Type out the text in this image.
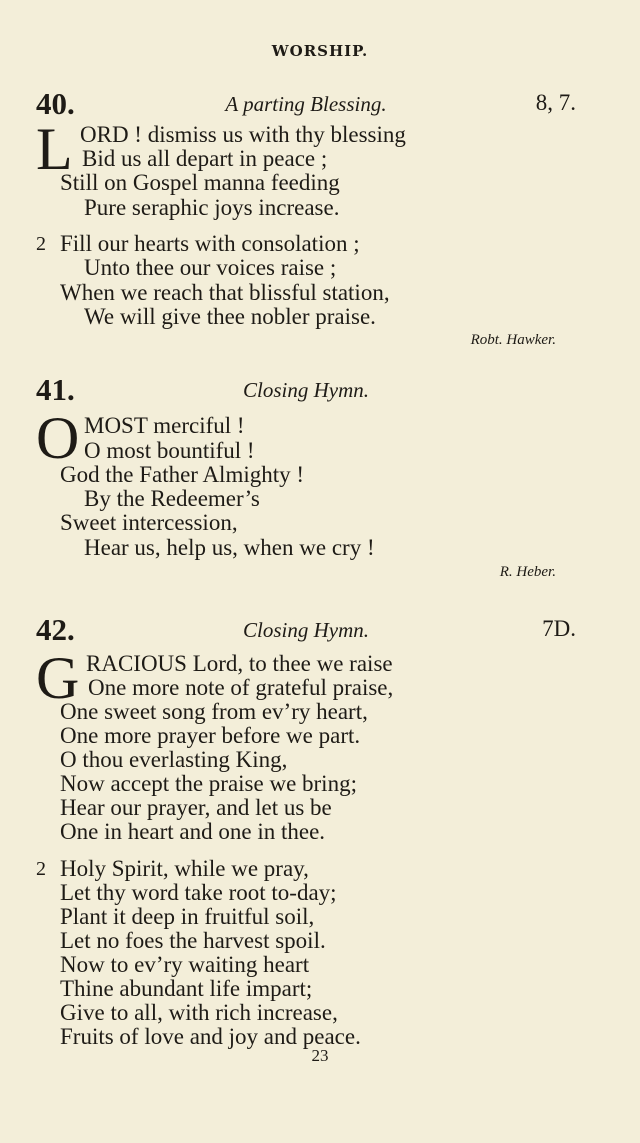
WORSHIP.
40.	A parting Blessing.	8, 7.
L ORD ! dismiss us with thy blessing
Bid us all depart in peace ;
Still on Gospel manna feeding
Pure seraphic joys increase.
2 Fill our hearts with consolation ;
Unto thee our voices raise ;
When we reach that blissful station,
We will give thee nobler praise.
Robt. Hawker.
41.	Closing Hymn.
O MOST merciful !
O most bountiful !
God the Father Almighty !
By the Redeemer’s
Sweet intercession,
Hear us, help us, when we cry !
R. Heber.
42.	Closing Hymn.	7D.
G RACIOUS Lord, to thee we raise
One more note of grateful praise,
One sweet song from ev’ry heart,
One more prayer before we part.
O thou everlasting King,
Now accept the praise we bring;
Hear our prayer, and let us be
One in heart and one in thee.
2 Holy Spirit, while we pray,
Let thy word take root to-day;
Plant it deep in fruitful soil,
Let no foes the harvest spoil.
Now to ev’ry waiting heart
Thine abundant life impart;
Give to all, with rich increase,
Fruits of love and joy and peace.
23
